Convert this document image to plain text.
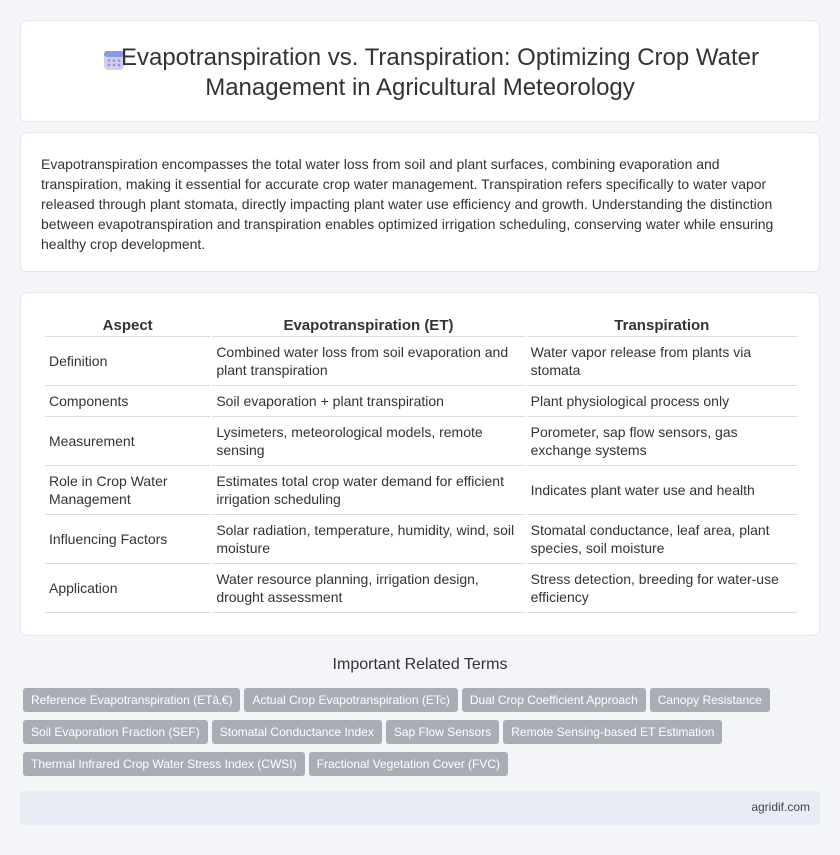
Evapotranspiration vs. Transpiration: Optimizing Crop Water
Management in Agricultural Meteorology

Evapotranspiration encompasses the total water loss from soil and plant surfaces, combining evaporation and transpiration, making it essential for accurate crop water management. Transpiration refers specifically to water vapor released through plant stomata, directly impacting plant water use efficiency and growth. Understanding the distinction between evapotranspiration and transpiration enables optimized irrigation scheduling, conserving water while ensuring healthy crop development.

Aspect	Evapotranspiration (ET)	Transpiration
Definition	Combined water loss from soil evaporation and plant transpiration	Water vapor release from plants via stomata
Components	Soil evaporation + plant transpiration	Plant physiological process only
Measurement	Lysimeters, meteorological models, remote sensing	Porometer, sap flow sensors, gas exchange systems
Role in Crop Water Management	Estimates total crop water demand for efficient irrigation scheduling	Indicates plant water use and health
Influencing Factors	Solar radiation, temperature, humidity, wind, soil moisture	Stomatal conductance, leaf area, plant species, soil moisture
Application	Water resource planning, irrigation design, drought assessment	Stress detection, breeding for water-use efficiency
Important Related Terms
Reference Evapotranspiration (ETâ‚€) Actual Crop Evapotranspiration (ETc) Dual Crop Coefficient Approach Canopy Resistance
Soil Evaporation Fraction (SEF) Stomatal Conductance Index Sap Flow Sensors Remote Sensing-based ET Estimation
Thermal Infrared Crop Water Stress Index (CWSI) Fractional Vegetation Cover (FVC)
agridif.com
